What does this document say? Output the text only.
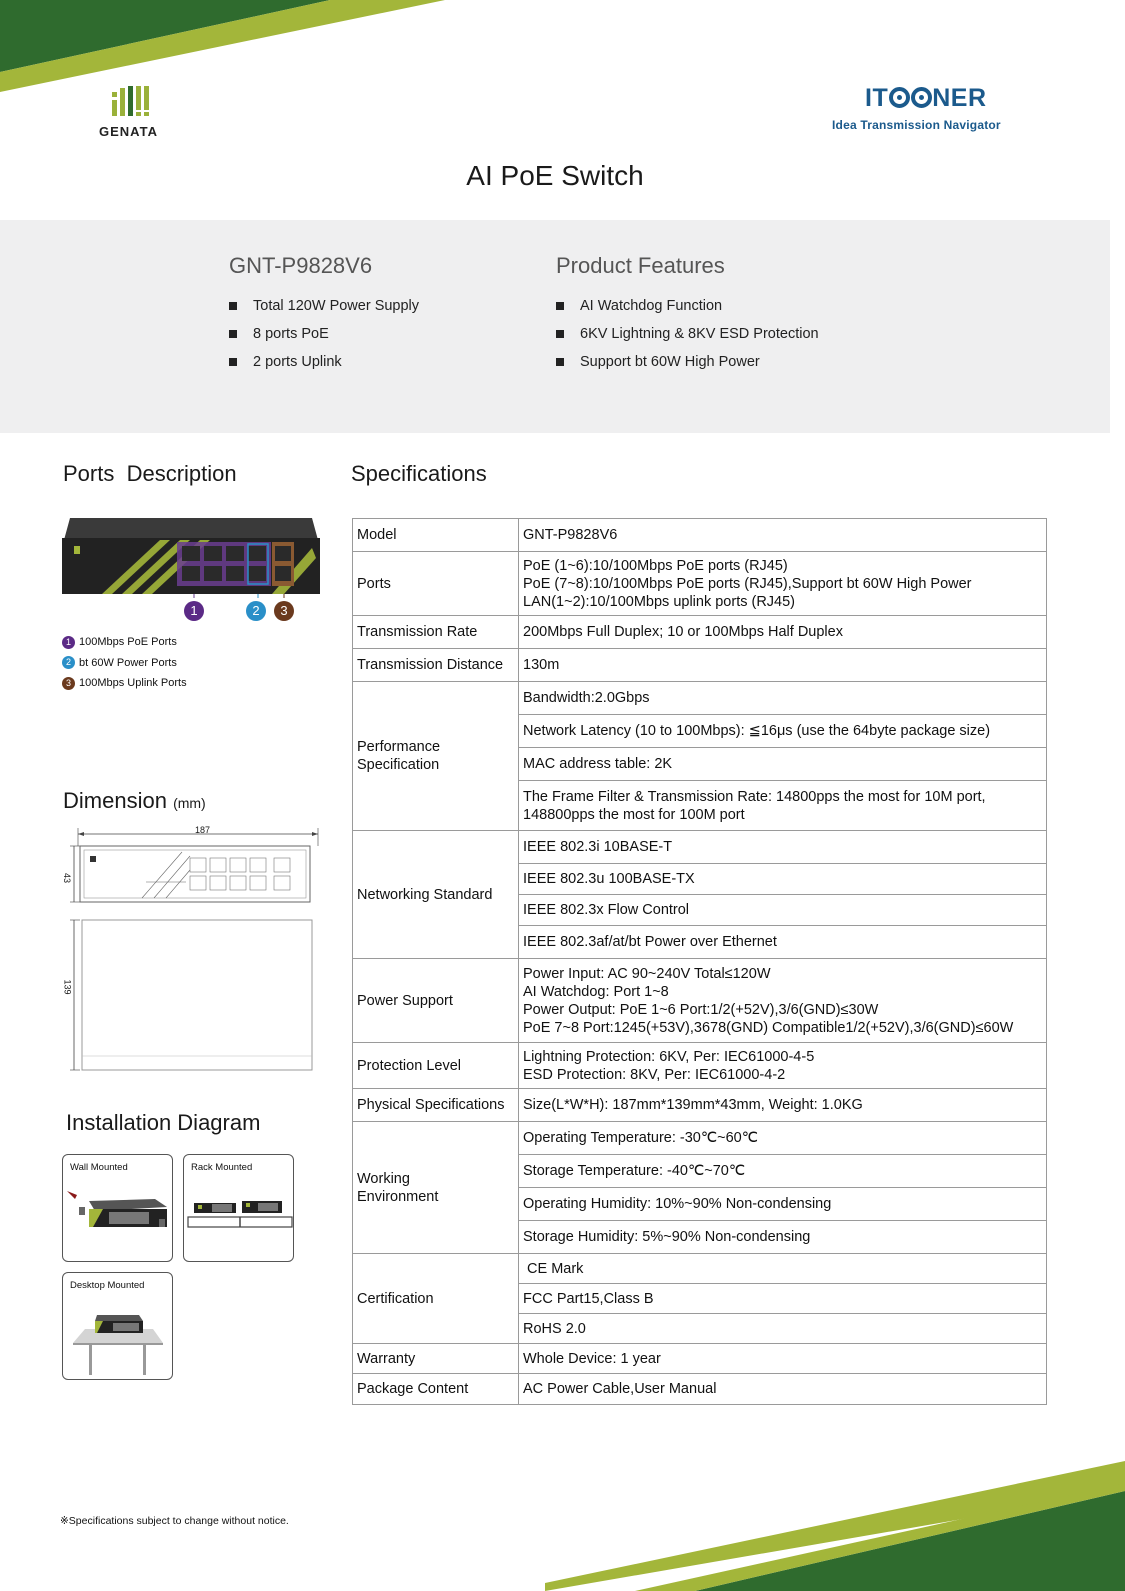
GENATA
IT NER
Idea Transmission Navigator
AI PoE Switch
GNT-P9828V6
Total 120W Power Supply
8 ports PoE
2 ports Uplink
Product Features
AI Watchdog Function
6KV Lightning & 8KV ESD Protection
Support bt 60W High Power
Ports  Description
1	2	3
1 100Mbps PoE Ports
2 bt 60W Power Ports
3 100Mbps Uplink Ports
Dimension (mm)
187
43
139
Installation Diagram
Wall Mounted	Rack Mounted
Desktop Mounted
※Specifications subject to change without notice.
Specifications
Model	GNT-P9828V6
Ports	PoE (1~6):10/100Mbps PoE ports (RJ45)
PoE (7~8):10/100Mbps PoE ports (RJ45),Support bt 60W High Power
LAN(1~2):10/100Mbps uplink ports (RJ45)
Transmission Rate	200Mbps Full Duplex; 10 or 100Mbps Half Duplex
Transmission Distance	130m
Performance
Specification	Bandwidth:2.0Gbps
	Network Latency (10 to 100Mbps): ≦16μs (use the 64byte package size)
	MAC address table: 2K
	The Frame Filter & Transmission Rate: 14800pps the most for 10M port,
148800pps the most for 100M port
Networking Standard	IEEE 802.3i 10BASE-T
	IEEE 802.3u 100BASE-TX
	IEEE 802.3x Flow Control
	IEEE 802.3af/at/bt Power over Ethernet
Power Support	Power Input: AC 90~240V Total≤120W
AI Watchdog: Port 1~8
Power Output: PoE 1~6 Port:1/2(+52V),3/6(GND)≤30W
PoE 7~8 Port:1245(+53V),3678(GND) Compatible1/2(+52V),3/6(GND)≤60W
Protection Level	Lightning Protection: 6KV, Per: IEC61000-4-5
ESD Protection: 8KV, Per: IEC61000-4-2
Physical Specifications	Size(L*W*H): 187mm*139mm*43mm, Weight: 1.0KG
Working
Environment	Operating Temperature: -30℃~60℃
	Storage Temperature: -40℃~70℃
	Operating Humidity: 10%~90% Non-condensing
	Storage Humidity: 5%~90% Non-condensing
Certification	CE Mark
	FCC Part15,Class B
	RoHS 2.0
Warranty	Whole Device: 1 year
Package Content	AC Power Cable,User Manual
